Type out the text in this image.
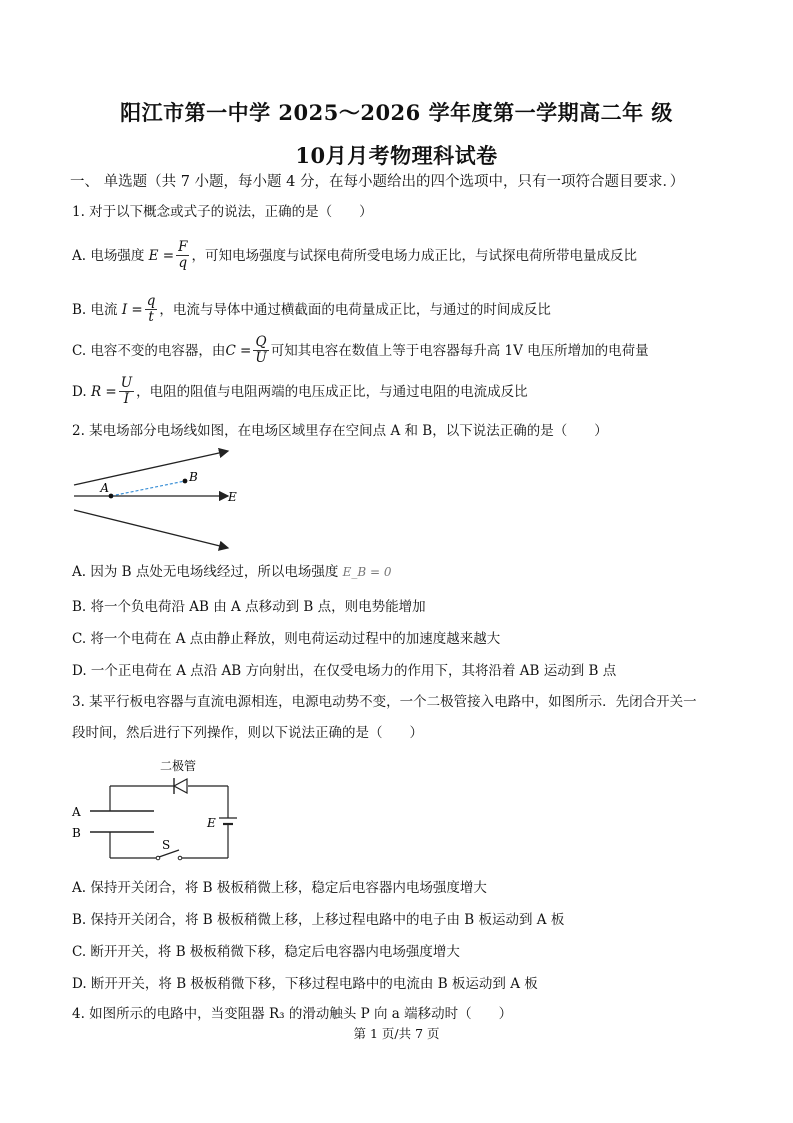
阳江市第一中学 2025～2026 学年度第一学期高二年 级
10月月考物理科试卷
一、 单选题（共 7 小题，每小题 4 分，在每小题给出的四个选项中，只有一项符合题目要求．）
1. 对于以下概念或式子的说法，正确的是（　　）
A.
电场强度
$E = \frac{F}{q}$ ，可知电场强度与试探电荷所受电场力成正比，与试探电荷所带电量成反比
B.
电流
$I = \frac{q}{t}$ ，电流与导体中通过横截面的电荷量成正比，与通过的时间成反比
C.
电容不变的电容器，由 $C = \frac{Q}{U}$ 可知其电容在数值上等于电容器每升高 1V 电压所增加的电荷量
D.
$R = \frac{U}{I}$ ，电阻的阻值与电阻两端的电压成正比，与通过电阻的电流成反比
2. 某电场部分电场线如图，在电场区域里存在空间点 A 和 B，以下说法正确的是（　　）
A
B
E
A. 因为 B 点处无电场线经过，所以电场强度
E_B = 0
B. 将一个负电荷沿 AB 由 A 点移动到 B 点，则电势能增加
C. 将一个电荷在 A 点由静止释放，则电荷运动过程中的加速度越来越大
D. 一个正电荷在 A 点沿 AB 方向射出，在仅受电场力的作用下，其将沿着 AB 运动到 B 点
3. 某平行板电容器与直流电源相连，电源电动势不变，一个二极管接入电路中，如图所示．先闭合开关一
段时间，然后进行下列操作，则以下说法正确的是（　　）
二极管
A
B
E
S
A. 保持开关闭合，将 B 极板稍微上移，稳定后电容器内电场强度增大
B. 保持开关闭合，将 B 极板稍微上移，上移过程电路中的电子由 B 板运动到 A 板
C. 断开开关，将 B 极板稍微下移，稳定后电容器内电场强度增大
D. 断开开关，将 B 极板稍微下移，下移过程电路中的电流由 B 板运动到 A 板
4. 如图所示的电路中，当变阻器 R₃ 的滑动触头 P 向 a 端移动时（　　）
第 1 页/共 7 页
